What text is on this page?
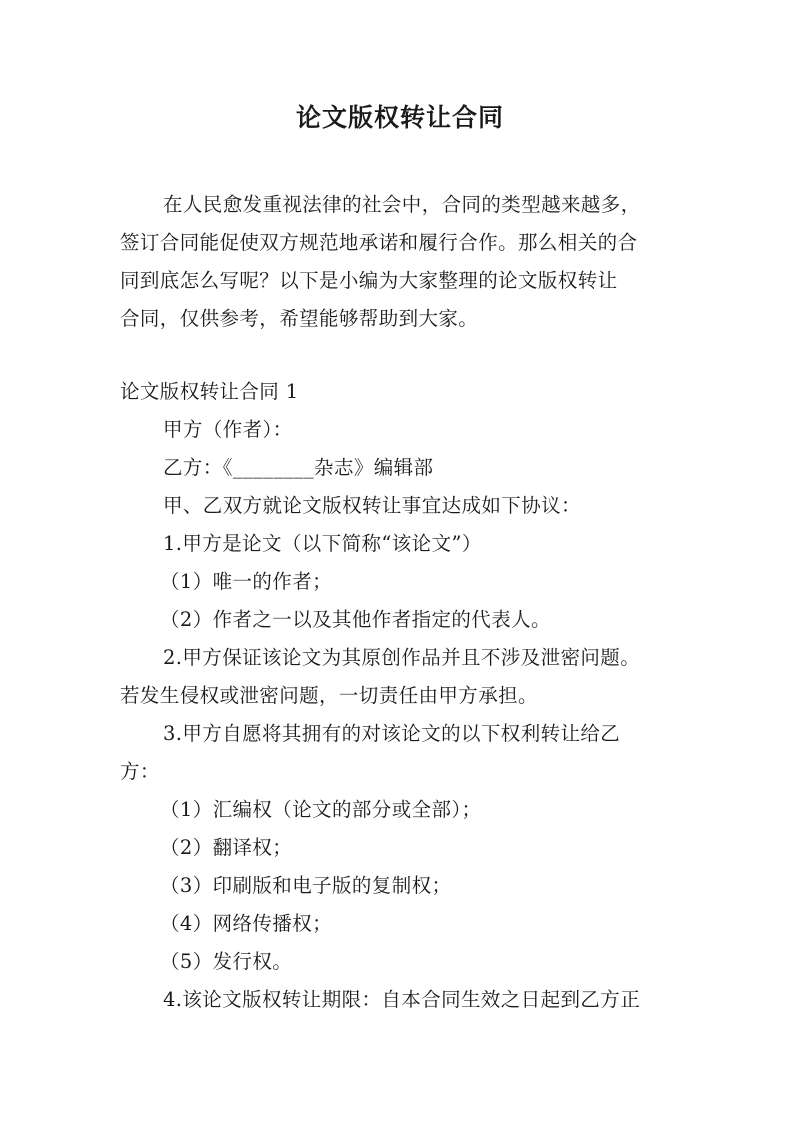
论文版权转让合同

在人民愈发重视法律的社会中，合同的类型越来越多，

签订合同能促使双方规范地承诺和履行合作。那么相关的合

同到底怎么写呢？以下是小编为大家整理的论文版权转让

合同，仅供参考，希望能够帮助到大家。

论文版权转让合同 1

甲方（作者）：

乙方：《________杂志》编辑部

甲、乙双方就论文版权转让事宜达成如下协议：

1.甲方是论文（以下简称“该论文”）

（1）唯一的作者；

（2）作者之一以及其他作者指定的代表人。

2.甲方保证该论文为其原创作品并且不涉及泄密问题。

若发生侵权或泄密问题，一切责任由甲方承担。

3.甲方自愿将其拥有的对该论文的以下权利转让给乙

方：

（1）汇编权（论文的部分或全部）；

（2）翻译权；

（3）印刷版和电子版的复制权；

（4）网络传播权；

（5）发行权。

4.该论文版权转让期限：自本合同生效之日起到乙方正
